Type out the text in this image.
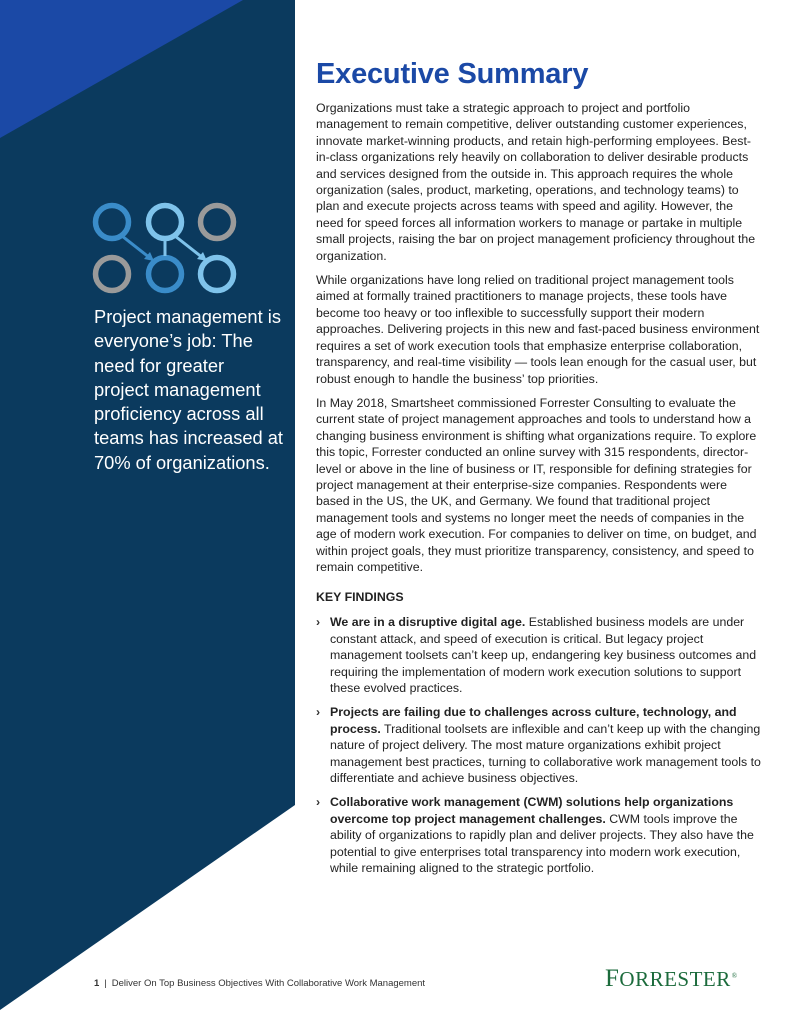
Project management is everyone’s job: The need for greater project management proficiency across all teams has increased at 70% of organizations.
Executive Summary

Organizations must take a strategic approach to project and portfolio management to remain competitive, deliver outstanding customer experiences, innovate market-winning products, and retain high-performing employees. Best-in-class organizations rely heavily on collaboration to deliver desirable products and services designed from the outside in. This approach requires the whole organization (sales, product, marketing, operations, and technology teams) to plan and execute projects across teams with speed and agility. However, the need for speed forces all information workers to manage or partake in multiple small projects, raising the bar on project management proficiency throughout the organization.

While organizations have long relied on traditional project management tools aimed at formally trained practitioners to manage projects, these tools have become too heavy or too inflexible to successfully support their modern approaches. Delivering projects in this new and fast-paced business environment requires a set of work execution tools that emphasize enterprise collaboration, transparency, and real-time visibility — tools lean enough for the casual user, but robust enough to handle the business’ top priorities.

In May 2018, Smartsheet commissioned Forrester Consulting to evaluate the current state of project management approaches and tools to understand how a changing business environment is shifting what organizations require. To explore this topic, Forrester conducted an online survey with 315 respondents, director-level or above in the line of business or IT, responsible for defining strategies for project management at their enterprise-size companies. Respondents were based in the US, the UK, and Germany. We found that traditional project management tools and systems no longer meet the needs of companies in the age of modern work execution. For companies to deliver on time, on budget, and within project goals, they must prioritize transparency, consistency, and speed to remain competitive.

KEY FINDINGS
› We are in a disruptive digital age. Established business models are under constant attack, and speed of execution is critical. But legacy project management toolsets can’t keep up, endangering key business outcomes and requiring the implementation of modern work execution solutions to support these evolved practices.
› Projects are failing due to challenges across culture, technology, and process. Traditional toolsets are inflexible and can’t keep up with the changing nature of project delivery. The most mature organizations exhibit project management best practices, turning to collaborative work management tools to differentiate and achieve business objectives.
› Collaborative work management (CWM) solutions help organizations overcome top project management challenges. CWM tools improve the ability of organizations to rapidly plan and deliver projects. They also have the potential to give enterprises total transparency into modern work execution, while remaining aligned to the strategic portfolio.
1 | Deliver On Top Business Objectives With Collaborative Work Management	FORRESTER®
